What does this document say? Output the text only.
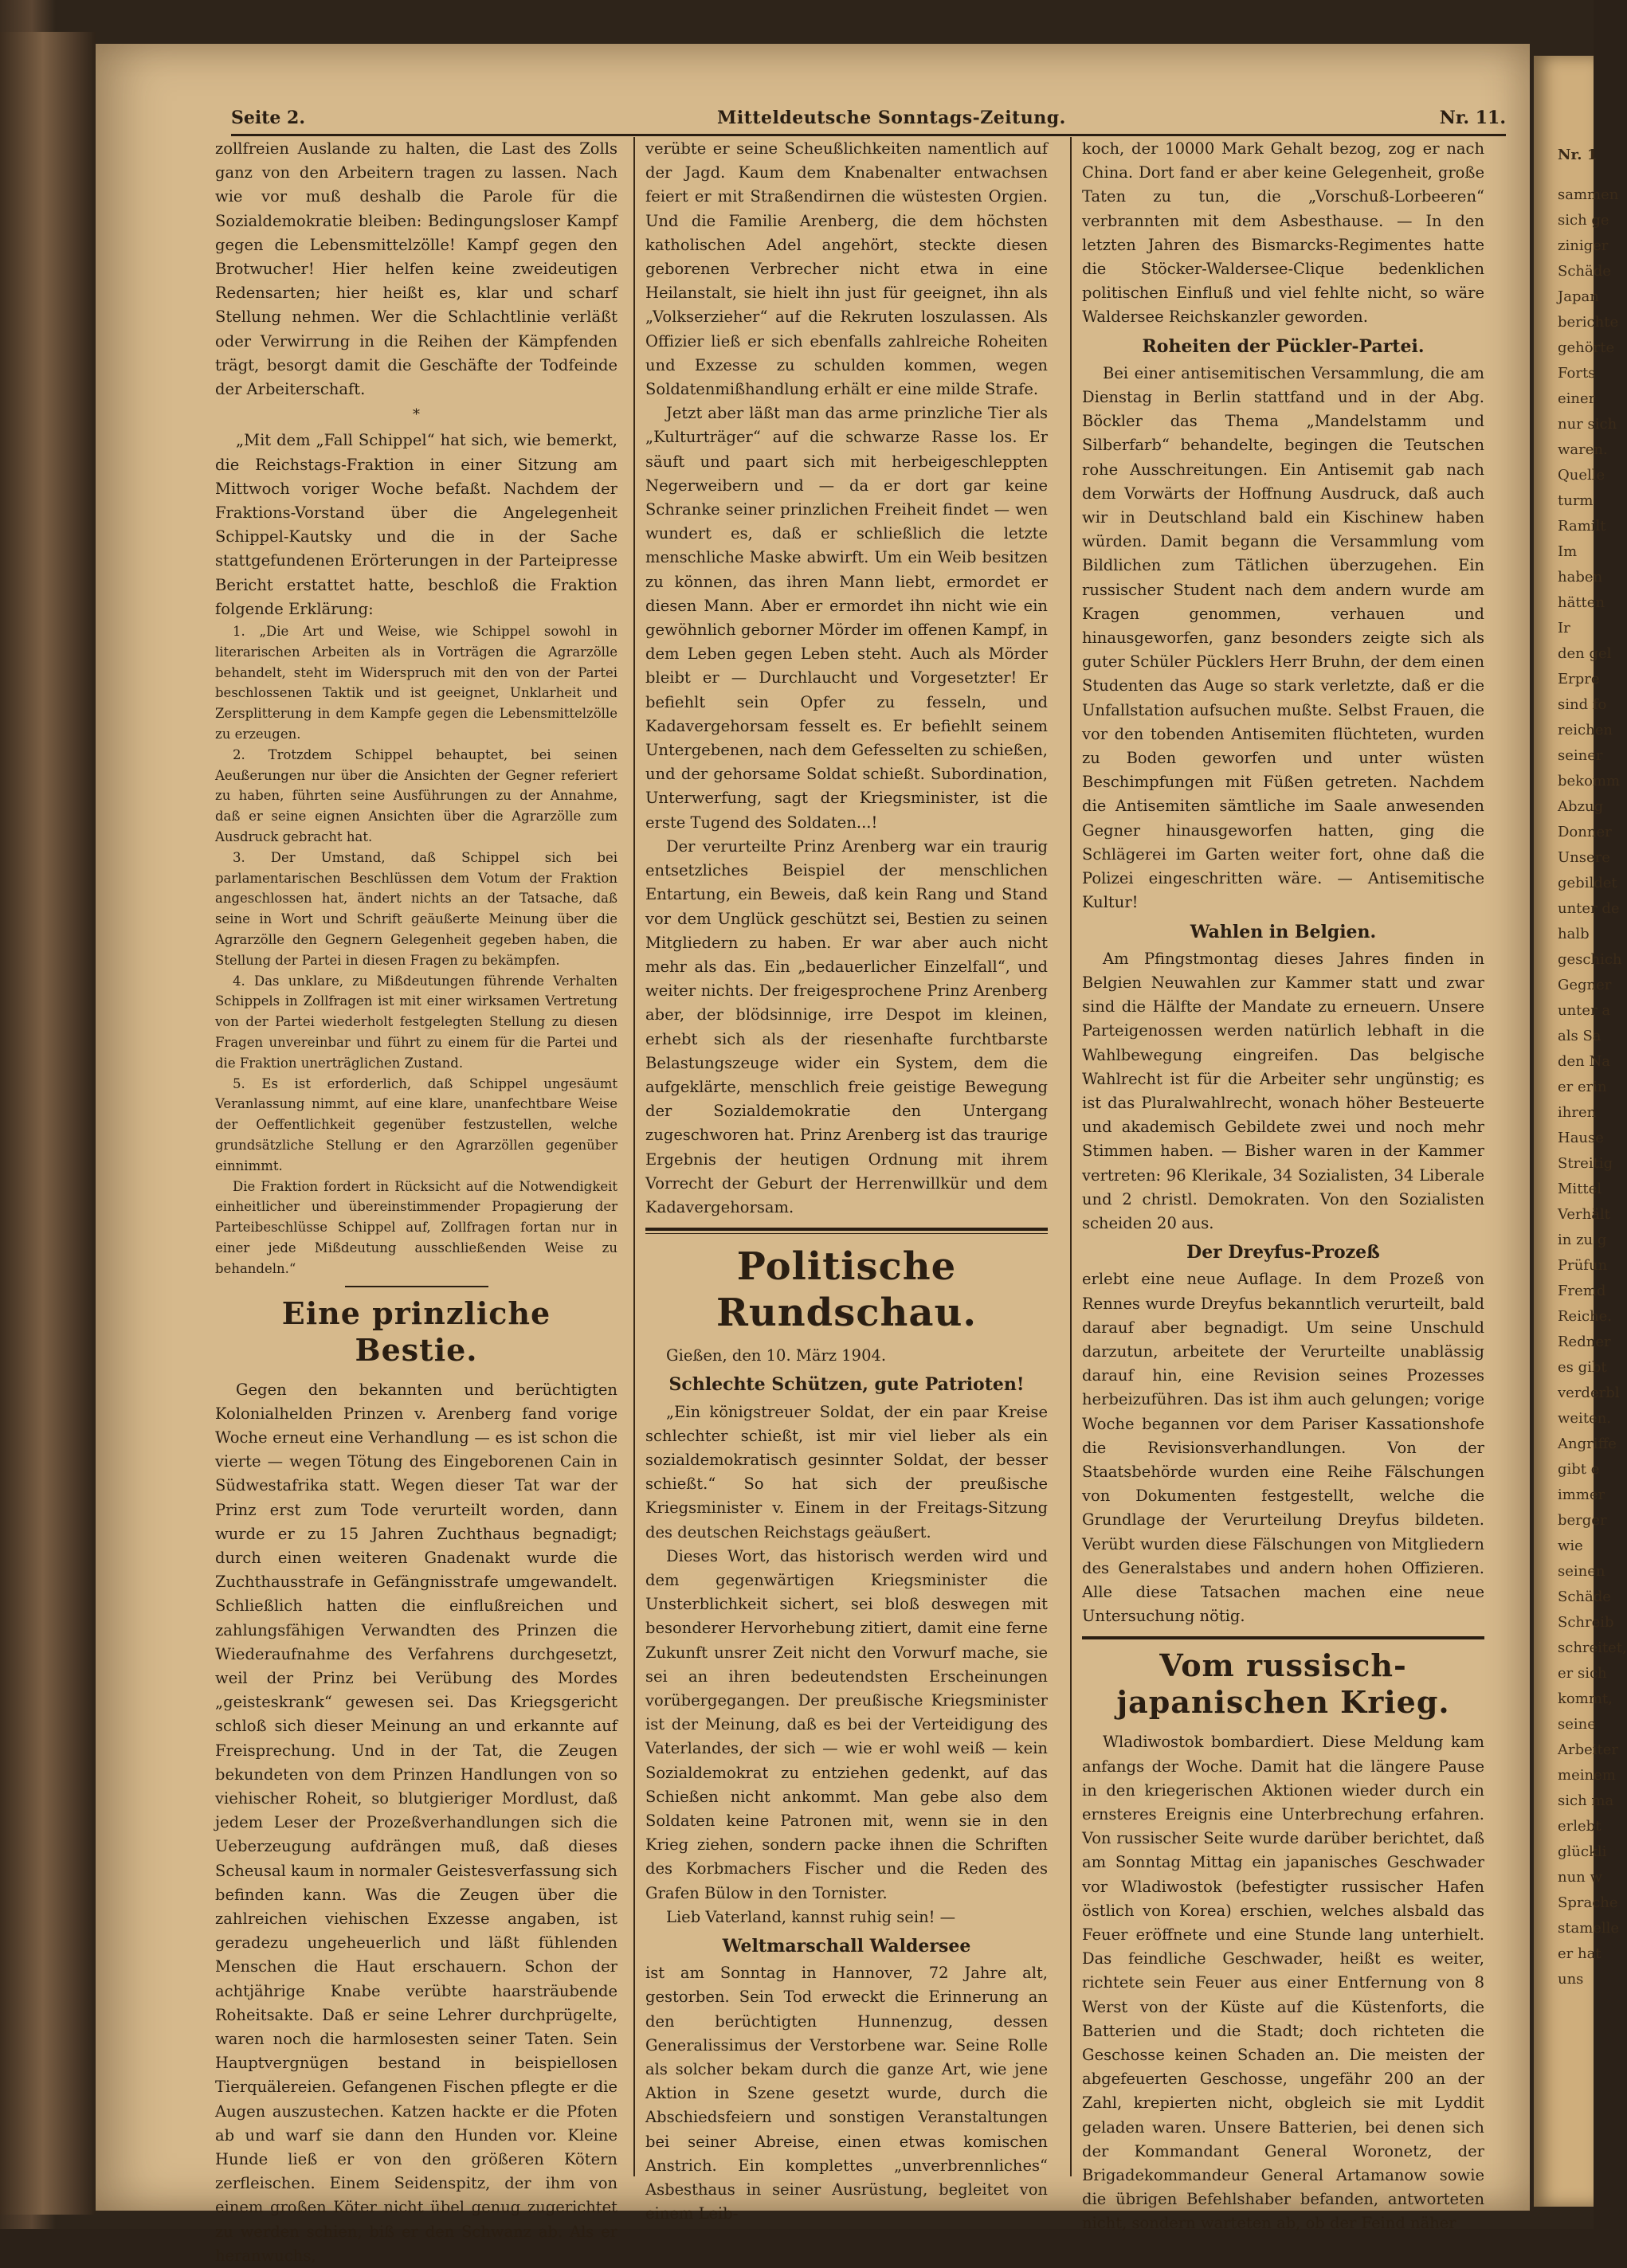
Nr. 1
sammen
sich ge
ziniger
Schäde
Japan
berichte
gehörte
Forts
einer
nur sich
waren.
Quelle
turm
Ramilt
Im
haben
hätten
Ir
den gel
Erpre
sind fo
reichen
seiner
bekomm
Abzug
Donner
Unsere
gebildet
unter de
halb
geschich
Gegner
unter a
als Sa
den Na
er erin
ihren
Hause
Streitig
Mittel
Verhält
in zu g
Prüfun
Fremd
Reiche.
Redner
es gibt
verderbl
weiten.
Angriffe
gibt e
immer
berger
wie
seinen
Schäde
Schreib
schreitet,
er sich
kommt,
seine
Arbeiter
meinem
sich ma
erlebt
glückli
nun w
Sprache
stamelle
er hat
uns
Seite 2.	Mitteldeutsche Sonntags-Zeitung.	Nr. 11.

zollfreien Auslande zu halten, die Last des Zolls ganz von den Arbeitern tragen zu lassen. Nach wie vor muß deshalb die Parole für die Sozialdemokratie bleiben: Bedingungsloser Kampf gegen die Lebensmittelzölle! Kampf gegen den Brotwucher! Hier helfen keine zweideutigen Redensarten; hier heißt es, klar und scharf Stellung nehmen. Wer die Schlachtlinie verläßt oder Verwirrung in die Reihen der Kämpfenden trägt, besorgt damit die Geschäfte der Todfeinde der Arbeiterschaft.

*

„Mit dem „Fall Schippel“ hat sich, wie bemerkt, die Reichstags-Fraktion in einer Sitzung am Mittwoch voriger Woche befaßt. Nachdem der Fraktions-Vorstand über die Angelegenheit Schippel-Kautsky und die in der Sache stattgefundenen Erörterungen in der Parteipresse Bericht erstattet hatte, beschloß die Fraktion folgende Erklärung:

1. „Die Art und Weise, wie Schippel sowohl in literarischen Arbeiten als in Vorträgen die Agrarzölle behandelt, steht im Widerspruch mit den von der Partei beschlossenen Taktik und ist geeignet, Unklarheit und Zersplitterung in dem Kampfe gegen die Lebensmittelzölle zu erzeugen.

2. Trotzdem Schippel behauptet, bei seinen Aeußerungen nur über die Ansichten der Gegner referiert zu haben, führten seine Ausführungen zu der Annahme, daß er seine eignen Ansichten über die Agrarzölle zum Ausdruck gebracht hat.

3. Der Umstand, daß Schippel sich bei parlamentarischen Beschlüssen dem Votum der Fraktion angeschlossen hat, ändert nichts an der Tatsache, daß seine in Wort und Schrift geäußerte Meinung über die Agrarzölle den Gegnern Gelegenheit gegeben haben, die Stellung der Partei in diesen Fragen zu bekämpfen.

4. Das unklare, zu Mißdeutungen führende Verhalten Schippels in Zollfragen ist mit einer wirksamen Vertretung von der Partei wiederholt festgelegten Stellung zu diesen Fragen unvereinbar und führt zu einem für die Partei und die Fraktion unerträglichen Zustand.

5. Es ist erforderlich, daß Schippel ungesäumt Veranlassung nimmt, auf eine klare, unanfechtbare Weise der Oeffentlichkeit gegenüber festzustellen, welche grundsätzliche Stellung er den Agrarzöllen gegenüber einnimmt.

Die Fraktion fordert in Rücksicht auf die Notwendigkeit einheitlicher und übereinstimmender Propagierung der Parteibeschlüsse Schippel auf, Zollfragen fortan nur in einer jede Mißdeutung ausschließenden Weise zu behandeln.“

Eine prinzliche Bestie.

Gegen den bekannten und berüchtigten Kolonialhelden Prinzen v. Arenberg fand vorige Woche erneut eine Verhandlung — es ist schon die vierte — wegen Tötung des Eingeborenen Cain in Südwestafrika statt. Wegen dieser Tat war der Prinz erst zum Tode verurteilt worden, dann wurde er zu 15 Jahren Zuchthaus begnadigt; durch einen weiteren Gnadenakt wurde die Zuchthausstrafe in Gefängnisstrafe umgewandelt. Schließlich hatten die einflußreichen und zahlungsfähigen Verwandten des Prinzen die Wiederaufnahme des Verfahrens durchgesetzt, weil der Prinz bei Verübung des Mordes „geisteskrank“ gewesen sei. Das Kriegsgericht schloß sich dieser Meinung an und erkannte auf Freisprechung. Und in der Tat, die Zeugen bekundeten von dem Prinzen Handlungen von so viehischer Roheit, so blutgieriger Mordlust, daß jedem Leser der Prozeßverhandlungen sich die Ueberzeugung aufdrängen muß, daß dieses Scheusal kaum in normaler Geistesverfassung sich befinden kann. Was die Zeugen über die zahlreichen viehischen Exzesse angaben, ist geradezu ungeheuerlich und läßt fühlenden Menschen die Haut erschauern. Schon der achtjährige Knabe verübte haarsträubende Roheitsakte. Daß er seine Lehrer durchprügelte, waren noch die harmlosesten seiner Taten. Sein Hauptvergnügen bestand in beispiellosen Tierquälereien. Gefangenen Fischen pflegte er die Augen auszustechen. Katzen hackte er die Pfoten ab und warf sie dann den Hunden vor. Kleine Hunde ließ er von den größeren Kötern zerfleischen. Einem Seidenspitz, der ihm von einem großen Köter nicht übel genug zugerichtet zu werden schien, biß er den Schwanz ab. Als er heranwuchs,

verübte er seine Scheußlichkeiten namentlich auf der Jagd. Kaum dem Knabenalter entwachsen feiert er mit Straßendirnen die wüstesten Orgien. Und die Familie Arenberg, die dem höchsten katholischen Adel angehört, steckte diesen geborenen Verbrecher nicht etwa in eine Heilanstalt, sie hielt ihn just für geeignet, ihn als „Volkserzieher“ auf die Rekruten loszulassen. Als Offizier ließ er sich ebenfalls zahlreiche Roheiten und Exzesse zu schulden kommen, wegen Soldatenmißhandlung erhält er eine milde Strafe.

Jetzt aber läßt man das arme prinzliche Tier als „Kulturträger“ auf die schwarze Rasse los. Er säuft und paart sich mit herbeigeschleppten Negerweibern und — da er dort gar keine Schranke seiner prinzlichen Freiheit findet — wen wundert es, daß er schließlich die letzte menschliche Maske abwirft. Um ein Weib besitzen zu können, das ihren Mann liebt, ermordet er diesen Mann. Aber er ermordet ihn nicht wie ein gewöhnlich geborner Mörder im offenen Kampf, in dem Leben gegen Leben steht. Auch als Mörder bleibt er — Durchlaucht und Vorgesetzter! Er befiehlt sein Opfer zu fesseln, und Kadavergehorsam fesselt es. Er befiehlt seinem Untergebenen, nach dem Gefesselten zu schießen, und der gehorsame Soldat schießt. Subordination, Unterwerfung, sagt der Kriegsminister, ist die erste Tugend des Soldaten...!

Der verurteilte Prinz Arenberg war ein traurig entsetzliches Beispiel der menschlichen Entartung, ein Beweis, daß kein Rang und Stand vor dem Unglück geschützt sei, Bestien zu seinen Mitgliedern zu haben. Er war aber auch nicht mehr als das. Ein „bedauerlicher Einzelfall“, und weiter nichts. Der freigesprochene Prinz Arenberg aber, der blödsinnige, irre Despot im kleinen, erhebt sich als der riesenhafte furchtbarste Belastungszeuge wider ein System, dem die aufgeklärte, menschlich freie geistige Bewegung der Sozialdemokratie den Untergang zugeschworen hat. Prinz Arenberg ist das traurige Ergebnis der heutigen Ordnung mit ihrem Vorrecht der Geburt der Herrenwillkür und dem Kadavergehorsam.

Politische Rundschau.

Gießen, den 10. März 1904.

Schlechte Schützen, gute Patrioten!

„Ein königstreuer Soldat, der ein paar Kreise schlechter schießt, ist mir viel lieber als ein sozialdemokratisch gesinnter Soldat, der besser schießt.“ So hat sich der preußische Kriegsminister v. Einem in der Freitags-Sitzung des deutschen Reichstags geäußert.

Dieses Wort, das historisch werden wird und dem gegenwärtigen Kriegsminister die Unsterblichkeit sichert, sei bloß deswegen mit besonderer Hervorhebung zitiert, damit eine ferne Zukunft unsrer Zeit nicht den Vorwurf mache, sie sei an ihren bedeutendsten Erscheinungen vorübergegangen. Der preußische Kriegsminister ist der Meinung, daß es bei der Verteidigung des Vaterlandes, der sich — wie er wohl weiß — kein Sozialdemokrat zu entziehen gedenkt, auf das Schießen nicht ankommt. Man gebe also dem Soldaten keine Patronen mit, wenn sie in den Krieg ziehen, sondern packe ihnen die Schriften des Korbmachers Fischer und die Reden des Grafen Bülow in den Tornister.

Lieb Vaterland, kannst ruhig sein! —

Weltmarschall Waldersee

ist am Sonntag in Hannover, 72 Jahre alt, gestorben. Sein Tod erweckt die Erinnerung an den berüchtigten Hunnenzug, dessen Generalissimus der Verstorbene war. Seine Rolle als solcher bekam durch die ganze Art, wie jene Aktion in Szene gesetzt wurde, durch die Abschiedsfeiern und sonstigen Veranstaltungen bei seiner Abreise, einen etwas komischen Anstrich. Ein komplettes „unverbrennliches“ Asbesthaus in seiner Ausrüstung, begleitet von einem Leib-

koch, der 10000 Mark Gehalt bezog, zog er nach China. Dort fand er aber keine Gelegenheit, große Taten zu tun, die „Vorschuß-Lorbeeren“ verbrannten mit dem Asbesthause. — In den letzten Jahren des Bismarcks-Regimentes hatte die Stöcker-Waldersee-Clique bedenklichen politischen Einfluß und viel fehlte nicht, so wäre Waldersee Reichskanzler geworden.

Roheiten der Pückler-Partei.

Bei einer antisemitischen Versammlung, die am Dienstag in Berlin stattfand und in der Abg. Böckler das Thema „Mandelstamm und Silberfarb“ behandelte, begingen die Teutschen rohe Ausschreitungen. Ein Antisemit gab nach dem Vorwärts der Hoffnung Ausdruck, daß auch wir in Deutschland bald ein Kischinew haben würden. Damit begann die Versammlung vom Bildlichen zum Tätlichen überzugehen. Ein russischer Student nach dem andern wurde am Kragen genommen, verhauen und hinausgeworfen, ganz besonders zeigte sich als guter Schüler Pücklers Herr Bruhn, der dem einen Studenten das Auge so stark verletzte, daß er die Unfallstation aufsuchen mußte. Selbst Frauen, die vor den tobenden Antisemiten flüchteten, wurden zu Boden geworfen und unter wüsten Beschimpfungen mit Füßen getreten. Nachdem die Antisemiten sämtliche im Saale anwesenden Gegner hinausgeworfen hatten, ging die Schlägerei im Garten weiter fort, ohne daß die Polizei eingeschritten wäre. — Antisemitische Kultur!

Wahlen in Belgien.

Am Pfingstmontag dieses Jahres finden in Belgien Neuwahlen zur Kammer statt und zwar sind die Hälfte der Mandate zu erneuern. Unsere Parteigenossen werden natürlich lebhaft in die Wahlbewegung eingreifen. Das belgische Wahlrecht ist für die Arbeiter sehr ungünstig; es ist das Pluralwahlrecht, wonach höher Besteuerte und akademisch Gebildete zwei und noch mehr Stimmen haben. — Bisher waren in der Kammer vertreten: 96 Klerikale, 34 Sozialisten, 34 Liberale und 2 christl. Demokraten. Von den Sozialisten scheiden 20 aus.

Der Dreyfus-Prozeß

erlebt eine neue Auflage. In dem Prozeß von Rennes wurde Dreyfus bekanntlich verurteilt, bald darauf aber begnadigt. Um seine Unschuld darzutun, arbeitete der Verurteilte unablässig darauf hin, eine Revision seines Prozesses herbeizuführen. Das ist ihm auch gelungen; vorige Woche begannen vor dem Pariser Kassationshofe die Revisionsverhandlungen. Von der Staatsbehörde wurden eine Reihe Fälschungen von Dokumenten festgestellt, welche die Grundlage der Verurteilung Dreyfus bildeten. Verübt wurden diese Fälschungen von Mitgliedern des Generalstabes und andern hohen Offizieren. Alle diese Tatsachen machen eine neue Untersuchung nötig.

Vom russisch-japanischen Krieg.

Wladiwostok bombardiert. Diese Meldung kam anfangs der Woche. Damit hat die längere Pause in den kriegerischen Aktionen wieder durch ein ernsteres Ereignis eine Unterbrechung erfahren. Von russischer Seite wurde darüber berichtet, daß am Sonntag Mittag ein japanisches Geschwader vor Wladiwostok (befestigter russischer Hafen östlich von Korea) erschien, welches alsbald das Feuer eröffnete und eine Stunde lang unterhielt. Das feindliche Geschwader, heißt es weiter, richtete sein Feuer aus einer Entfernung von 8 Werst von der Küste auf die Küstenforts, die Batterien und die Stadt; doch richteten die Geschosse keinen Schaden an. Die meisten der abgefeuerten Geschosse, ungefähr 200 an der Zahl, krepierten nicht, obgleich sie mit Lyddit geladen waren. Unsere Batterien, bei denen sich der Kommandant General Woronetz, der Brigadekommandeur General Artamanow sowie die übrigen Befehlshaber befanden, antworteten nicht, sondern warteten ab, ob der Feind näher
